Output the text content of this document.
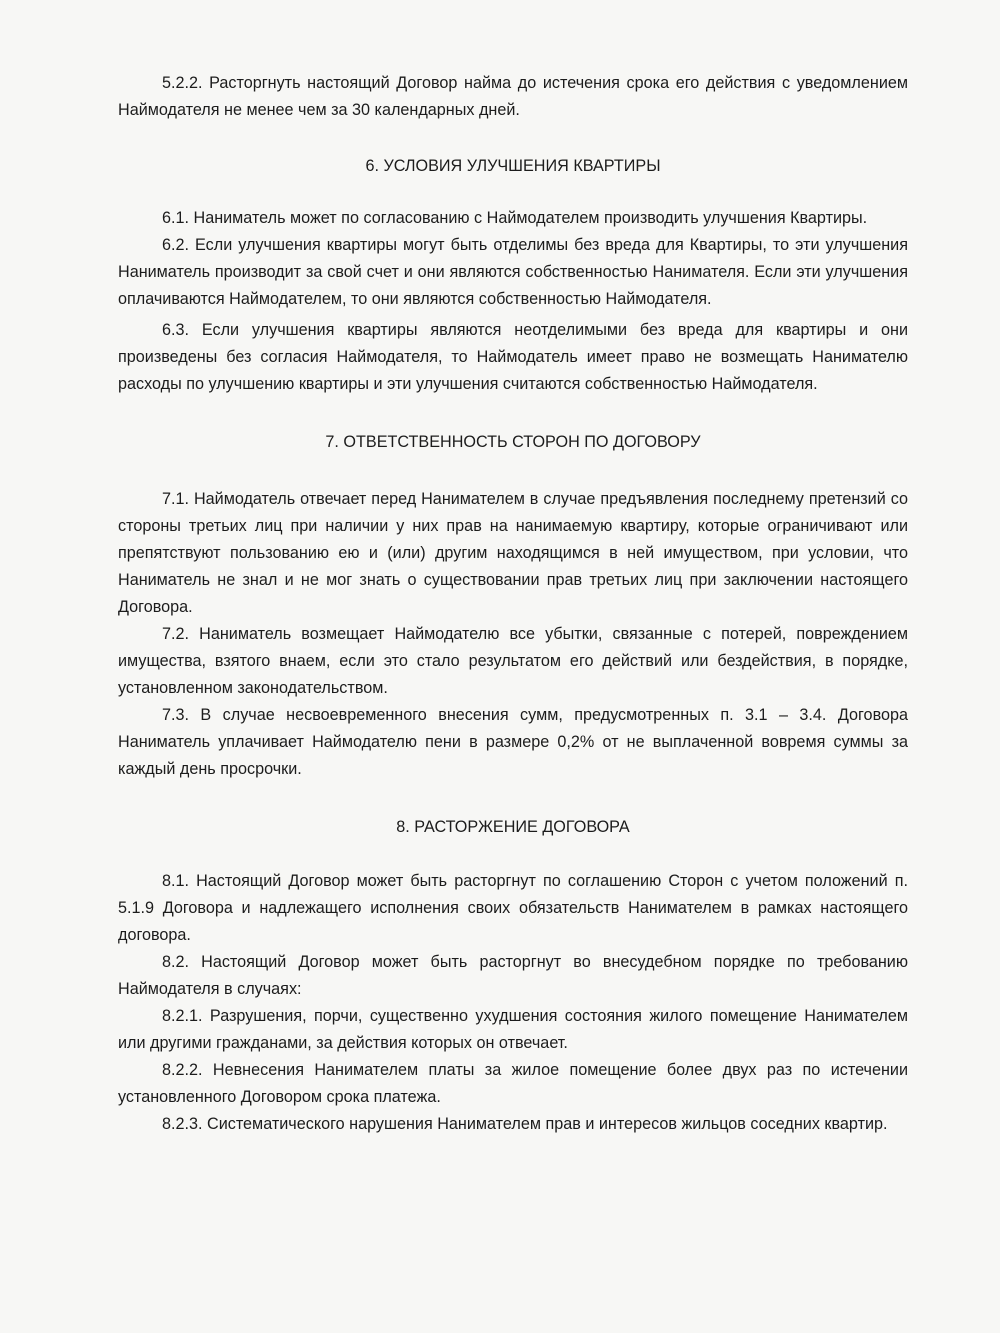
5.2.2. Расторгнуть настоящий Договор найма до истечения срока его действия с уведомлением Наймодателя не менее чем за 30 календарных дней.

6. УСЛОВИЯ УЛУЧШЕНИЯ КВАРТИРЫ

6.1. Наниматель может по согласованию с Наймодателем производить улучшения Квартиры.

6.2. Если улучшения квартиры могут быть отделимы без вреда для Квартиры, то эти улучшения Наниматель производит за свой счет и они являются собственностью Нанимателя. Если эти улучшения оплачиваются Наймодателем, то они являются собственностью Наймодателя.

6.3. Если улучшения квартиры являются неотделимыми без вреда для квартиры и они произведены без согласия Наймодателя, то Наймодатель имеет право не возмещать Нанимателю расходы по улучшению квартиры и эти улучшения считаются собственностью Наймодателя.

7. ОТВЕТСТВЕННОСТЬ СТОРОН ПО ДОГОВОРУ

7.1. Наймодатель отвечает перед Нанимателем в случае предъявления последнему претензий со стороны третьих лиц при наличии у них прав на нанимаемую квартиру, которые ограничивают или препятствуют пользованию ею и (или) другим находящимся в ней имуществом, при условии, что Наниматель не знал и не мог знать о существовании прав третьих лиц при заключении настоящего Договора.

7.2. Наниматель возмещает Наймодателю все убытки, связанные с потерей, повреждением имущества, взятого внаем, если это стало результатом его действий или бездействия, в порядке, установленном законодательством.

7.3. В случае несвоевременного внесения сумм, предусмотренных п. 3.1 – 3.4. Договора Наниматель уплачивает Наймодателю пени в размере 0,2% от не выплаченной вовремя суммы за каждый день просрочки.

8. РАСТОРЖЕНИЕ ДОГОВОРА

8.1. Настоящий Договор может быть расторгнут по соглашению Сторон с учетом положений п. 5.1.9 Договора и надлежащего исполнения своих обязательств Нанимателем в рамках настоящего договора.

8.2. Настоящий Договор может быть расторгнут во внесудебном порядке по требованию Наймодателя в случаях:

8.2.1. Разрушения, порчи, существенно ухудшения состояния жилого помещение Нанимателем или другими гражданами, за действия которых он отвечает.

8.2.2. Невнесения Нанимателем платы за жилое помещение более двух раз по истечении установленного Договором срока платежа.

8.2.3. Систематического нарушения Нанимателем прав и интересов жильцов соседних квартир.
